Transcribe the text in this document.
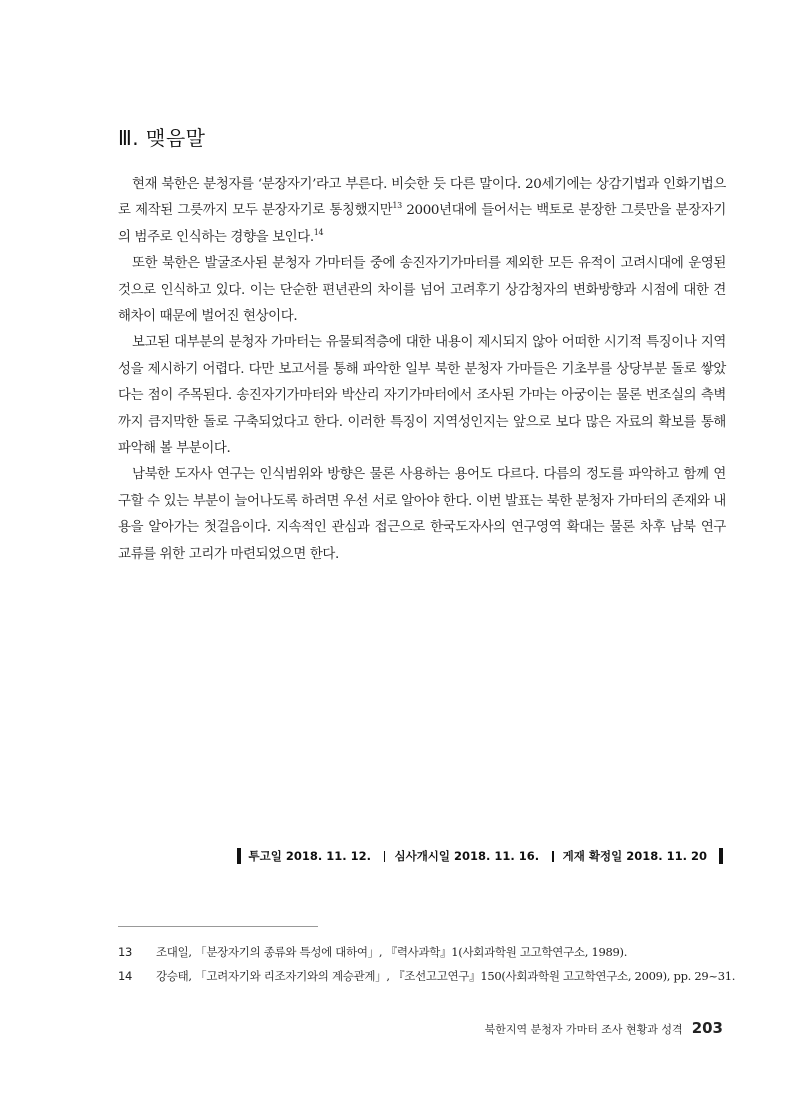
Ⅲ. 맺음말

현재 북한은 분청자를 ‘분장자기’라고 부른다. 비슷한 듯 다른 말이다. 20세기에는 상감기법과 인화기법으로 제작된 그릇까지 모두 분장자기로 통칭했지만$^{13}$ 2000년대에 들어서는 백토로 분장한 그릇만을 분장자기의 범주로 인식하는 경향을 보인다.$^{14}$

또한 북한은 발굴조사된 분청자 가마터들 중에 송진자기가마터를 제외한 모든 유적이 고려시대에 운영된 것으로 인식하고 있다. 이는 단순한 편년관의 차이를 넘어 고려후기 상감청자의 변화방향과 시점에 대한 견해차이 때문에 벌어진 현상이다.

보고된 대부분의 분청자 가마터는 유물퇴적층에 대한 내용이 제시되지 않아 어떠한 시기적 특징이나 지역성을 제시하기 어렵다. 다만 보고서를 통해 파악한 일부 북한 분청자 가마들은 기초부를 상당부분 돌로 쌓았다는 점이 주목된다. 송진자기가마터와 박산리 자기가마터에서 조사된 가마는 아궁이는 물론 번조실의 측벽까지 큼지막한 돌로 구축되었다고 한다. 이러한 특징이 지역성인지는 앞으로 보다 많은 자료의 확보를 통해 파악해 볼 부분이다.

남북한 도자사 연구는 인식범위와 방향은 물론 사용하는 용어도 다르다. 다름의 정도를 파악하고 함께 연구할 수 있는 부분이 늘어나도록 하려면 우선 서로 알아야 한다. 이번 발표는 북한 분청자 가마터의 존재와 내용을 알아가는 첫걸음이다. 지속적인 관심과 접근으로 한국도자사의 연구영역 확대는 물론 차후 남북 연구 교류를 위한 고리가 마련되었으면 한다.

투고일 2018. 11. 12.	심사개시일 2018. 11. 16.	게재 확정일 2018. 11. 20
13	조대일, 「분장자기의 종류와 특성에 대하여」, 『력사과학』1(사회과학원 고고학연구소, 1989).
14	강승태, 「고려자기와 리조자기와의 계승관계」, 『조선고고연구』150(사회과학원 고고학연구소, 2009), pp. 29~31.
북한지역 분청자 가마터 조사 현황과 성격 203
